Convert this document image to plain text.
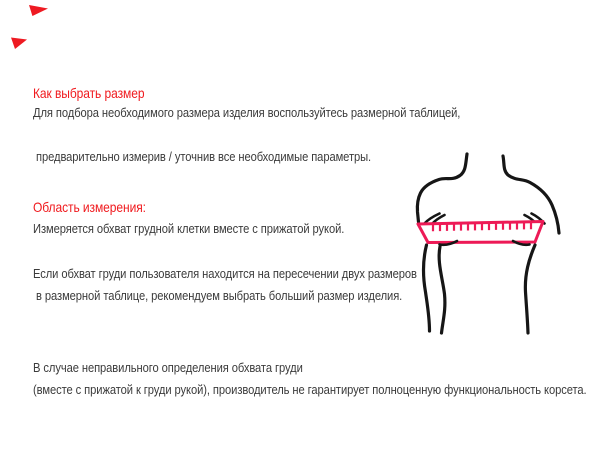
Как выбрать размер
Для подбора необходимого размера изделия воспользуйтесь размерной таблицей,
предварительно измерив / уточнив все необходимые параметры.
Область измерения:
Измеряется обхват грудной клетки вместе с прижатой рукой.
Если обхват груди пользователя находится на пересечении двух размеров
в размерной таблице, рекомендуем выбрать больший размер изделия.
В случае неправильного определения обхвата груди
(вместе с прижатой к груди рукой), производитель не гарантирует полноценную функциональность корсета.
